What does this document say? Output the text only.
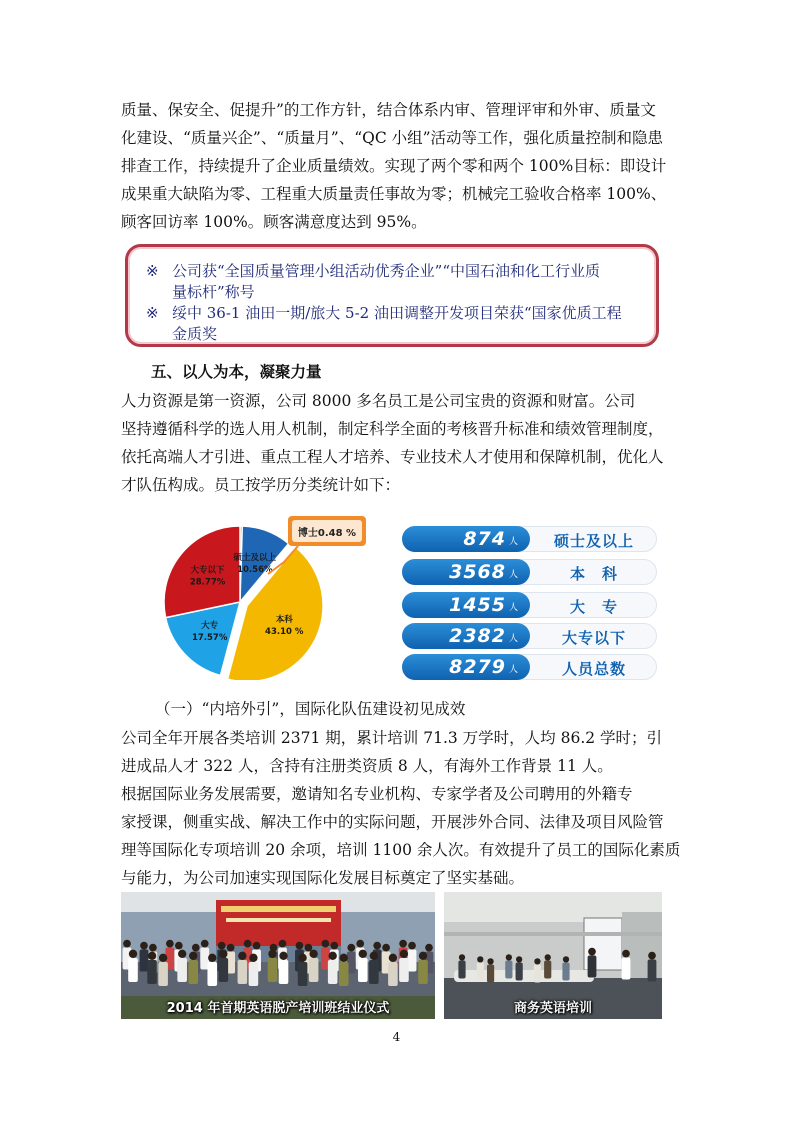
质量、保安全、促提升”的工作方针，结合体系内审、管理评审和外审、质量文
化建设、“质量兴企”、“质量月”、“QC 小组”活动等工作，强化质量控制和隐患
排查工作，持续提升了企业质量绩效。实现了两个零和两个 100%目标：即设计
成果重大缺陷为零、工程重大质量责任事故为零；机械完工验收合格率 100%、
顾客回访率 100%。顾客满意度达到 95%。
※ 公司获“全国质量管理小组活动优秀企业”“中国石油和化工行业质
量标杆”称号
※ 绥中 36-1 油田一期/旅大 5-2 油田调整开发项目荣获“国家优质工程
金质奖
五、以人为本，凝聚力量
人力资源是第一资源，公司 8000 多名员工是公司宝贵的资源和财富。公司
坚持遵循科学的选人用人机制，制定科学全面的考核晋升标准和绩效管理制度，
依托高端人才引进、重点工程人才培养、专业技术人才使用和保障机制，优化人
才队伍构成。员工按学历分类统计如下：
硕士及以上
10.56%
本科
43.10 %
大专
17.57%
大专以下
28.77%
博士0.48 %	874 人	硕士及以上
3568 人	本　科
1455 人	大　专
2382 人	大专以下
8279 人	人员总数
（一）“内培外引”，国际化队伍建设初见成效
公司全年开展各类培训 2371 期，累计培训 71.3 万学时，人均 86.2 学时；引
进成品人才 322 人，含持有注册类资质 8 人，有海外工作背景 11 人。
根据国际业务发展需要，邀请知名专业机构、专家学者及公司聘用的外籍专
家授课，侧重实战、解决工作中的实际问题，开展涉外合同、法律及项目风险管
理等国际化专项培训 20 余项，培训 1100 余人次。有效提升了员工的国际化素质
与能力，为公司加速实现国际化发展目标奠定了坚实基础。
2014 年首期英语脱产培训班结业仪式	商务英语培训
4
